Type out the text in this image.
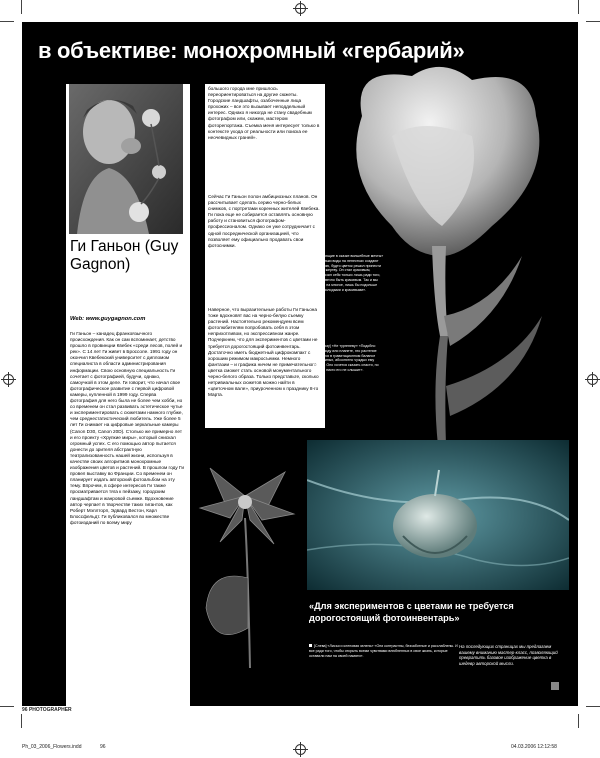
в объективе: монохромный «гербарий»
Ги Ганьон (Guy Gagnon)
Web: www.guygagnon.com

Ги Ганьон – канадец франкоязычного происхождения. Как он сам вспоминает, детство прошло в провинции Квебек «среди лесов, полей и рек». С 14 лет Ги живет в Броссоле. 1991 году он окончил Квебекский университет с дипломом специалиста в области администрирования информации. Свою основную специальность Ги сочетает с фотографией, будучи, однако, самоучкой в этом деле. Ги говорит, что начал свое фотографическое развитие с первой цифровой камеры, купленной в 1999 году. Сперва фотография для него была не более чем хобби, но со временем он стал развивать эстетическое чутье и экспериментировать с сюжетами намного глубже, чем среднестатистический любитель. Уже более 5 лет Ги снимает на цифровые зеркальные камеры (Canon D30, Canon 20D). Столько же примерно лет и его проекту «Хрупкие миры», который снискал огромный успех. С его помощью автор пытается донести до зрителя абстрактную театрализованность нашей жизни, используя в качестве своих алгоритмов монохромные изображения цветов и растений. В прошлом году Ги провел выставку во Франции. Со временем он планирует издать авторский фотоальбом на эту тему. Впрочем, в сфере интересов Ги также просматривается тяга к пейзажу, городским ландшафтам и жанровой съемке. Вдохновение автор черпает в творчестве таких гигантов, как Роберт Мэплторп, Эдвард Вестон, Карл Блоссфельдт. Ги публиковался во множестве фотоизданий по всему миру

большого города мне пришлось переориентироваться на другие сюжеты. Городские ландшафты, озабоченные лица прохожих – все это вызывает неподдельный интерес. Однако я никогда не стану свадебным фотографом или, скажем, мастером фоторепортажа. Съемка меня интересует только в контексте ухода от реальности или поиска ее неочевидных граней».

Сейчас Ги Ганьон полон амбициозных планов. Он рассчитывает сделать серию черно-белых снимков, с портретами коренных жителей Квебека. Ги пока еще не собирается оставлять основную работу и становиться фотографом-профессионалом. Однако он уже сотрудничает с одной посреднической организацией, что позволяет ему официально продавать свои фотоснимки.

Наверное, что выразительные работы Ги Ганьона тоже вдохновят вас на черно-белую съемку растений. Настоятельно рекомендуем всем фотолюбителям попробовать себя в этом неприхотливом, но экспрессивном жанре. Подчеркнем, что для экспериментов с цветами не требуется дорогостоящий фотоинвентарь. Достаточно иметь бюджетный цифрокомпакт с хорошим режимом макросъемки. Немного фантазии – и графика ничем не примечательного цветка сможет стать основой монументального черно-белого образа. Только представьте, сколько нетривиальных сюжетов можно найти в «цветочном вале», приуроченном к празднику 8-го Марта.

«Бьющие в сказке волшебные мечты» «Капельки воды на лепестках создают иллюзию, будто цветок решил принести себя в жертву. Он стал красивым, заморозил себя только лишь ради того, чтобы вечно быть красивым. Так и мы готовы на многое, лишь бы подольше быть молодыми и красивыми».

[Внизу] «Не тургеневу» «Подобно астероиду или планете, это растение кружится в гравитационном балансе среди иных, абсолютно чуждых ему миров. Оно хочется сказать спасти, но только никто его не слышит».

«Для экспериментов с цветами не требуется дорогостоящий фотоинвентарь»

[Слева] «Лисья и кленовая зелень» «Они контрастны, беззаботные и расслаблены. И все ради того, чтобы открыть всеми чувствами влюбленных в свое жизнь, которые оставили нам на своей памяти».

На последующих страницах мы предлагаем вашему вниманию мастер-класс, позволяющий превратить базовое изображение цветка в шедевр авторской мысли.

96 PHOTOGRAPHER
Ph_03_2006_Flowers.indd	96	04.03.2006 12:12:58
